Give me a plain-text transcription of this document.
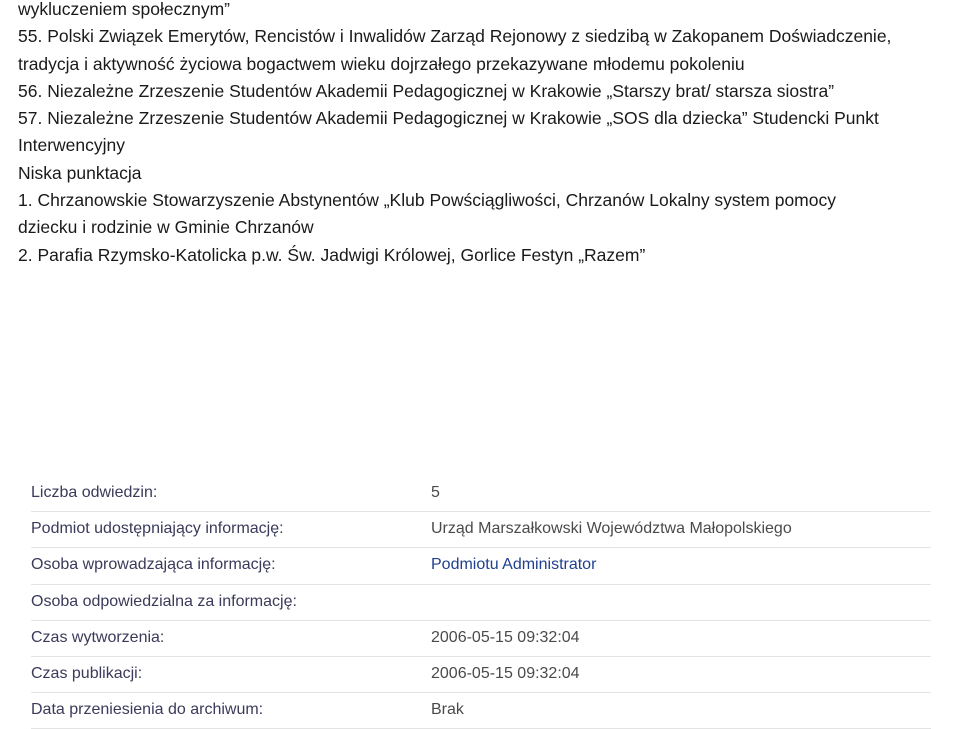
wykluczeniem społecznym”

55. Polski Związek Emerytów, Rencistów i Inwalidów Zarząd Rejonowy z siedzibą w Zakopanem Doświadczenie,

tradycja i aktywność życiowa bogactwem wieku dojrzałego przekazywane młodemu pokoleniu

56. Niezależne Zrzeszenie Studentów Akademii Pedagogicznej w Krakowie „Starszy brat/ starsza siostra”

57. Niezależne Zrzeszenie Studentów Akademii Pedagogicznej w Krakowie „SOS dla dziecka” Studencki Punkt

Interwencyjny

Niska punktacja

1. Chrzanowskie Stowarzyszenie Abstynentów „Klub Powściągliwości, Chrzanów Lokalny system pomocy

dziecku i rodzinie w Gminie Chrzanów

2. Parafia Rzymsko-Katolicka p.w. Św. Jadwigi Królowej, Gorlice Festyn „Razem”

Liczba odwiedzin:	5
Podmiot udostępniający informację:	Urząd Marszałkowski Województwa Małopolskiego
Osoba wprowadzająca informację:	Podmiotu Administrator
Osoba odpowiedzialna za informację:
Czas wytworzenia:	2006-05-15 09:32:04
Czas publikacji:	2006-05-15 09:32:04
Data przeniesienia do archiwum:	Brak
